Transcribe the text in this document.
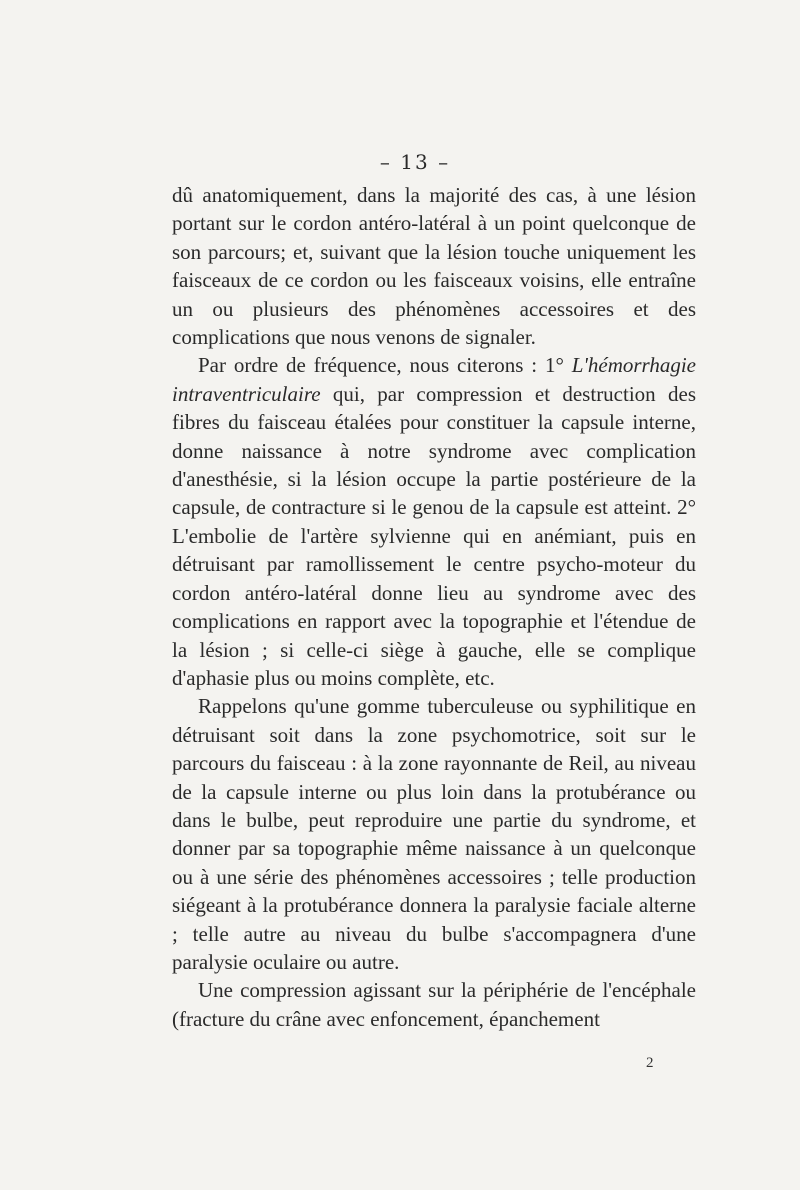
– 13 –

dû anatomiquement, dans la majorité des cas, à une lésion portant sur le cordon antéro-latéral à un point quelconque de son parcours; et, suivant que la lésion touche uniquement les faisceaux de ce cordon ou les faisceaux voisins, elle entraîne un ou plusieurs des phénomènes accessoires et des complications que nous venons de signaler.

Par ordre de fréquence, nous citerons : 1° L'hémorrhagie intraventriculaire qui, par compression et destruction des fibres du faisceau étalées pour constituer la capsule interne, donne naissance à notre syndrome avec complication d'anesthésie, si la lésion occupe la partie postérieure de la capsule, de contracture si le genou de la capsule est atteint. 2° L'embolie de l'artère sylvienne qui en anémiant, puis en détruisant par ramollissement le centre psycho-moteur du cordon antéro-latéral donne lieu au syndrome avec des complications en rapport avec la topographie et l'étendue de la lésion ; si celle-ci siège à gauche, elle se complique d'aphasie plus ou moins complète, etc.

Rappelons qu'une gomme tuberculeuse ou syphilitique en détruisant soit dans la zone psychomotrice, soit sur le parcours du faisceau : à la zone rayonnante de Reil, au niveau de la capsule interne ou plus loin dans la protubérance ou dans le bulbe, peut reproduire une partie du syndrome, et donner par sa topographie même naissance à un quelconque ou à une série des phénomènes accessoires ; telle production siégeant à la protubérance donnera la paralysie faciale alterne ; telle autre au niveau du bulbe s'accompagnera d'une paralysie oculaire ou autre.

Une compression agissant sur la périphérie de l'encéphale (fracture du crâne avec enfoncement, épanchement

2
